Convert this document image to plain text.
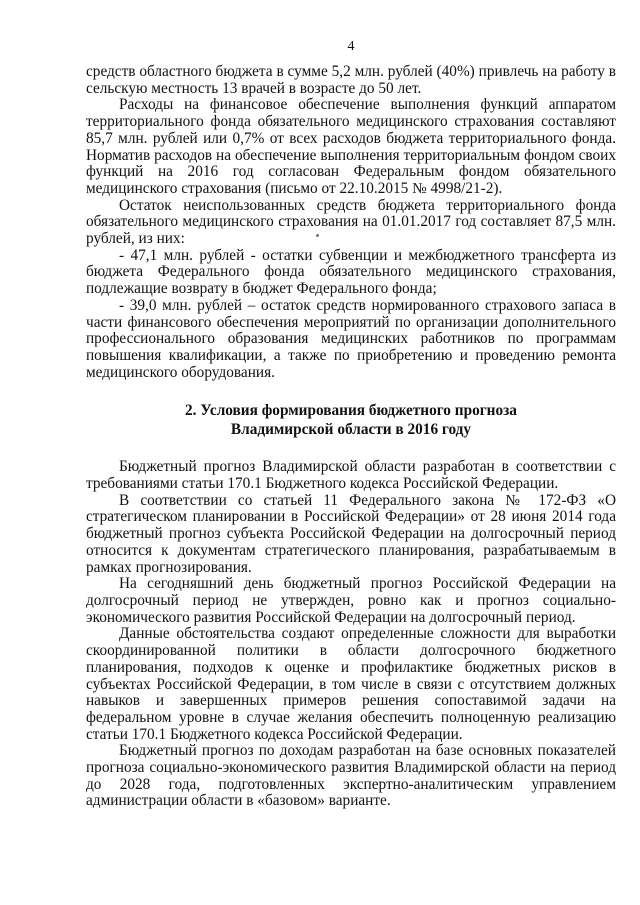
4

средств областного бюджета в сумме 5,2 млн. рублей (40%) привлечь на работу в сельскую местность 13 врачей в возрасте до 50 лет.

Расходы на финансовое обеспечение выполнения функций аппаратом территориального фонда обязательного медицинского страхования составляют 85,7 млн. рублей или 0,7% от всех расходов бюджета территориального фонда. Норматив расходов на обеспечение выполнения территориальным фондом своих функций на 2016 год согласован Федеральным фондом обязательного медицинского страхования (письмо от 22.10.2015 № 4998/21-2).

Остаток неиспользованных средств бюджета территориального фонда обязательного медицинского страхования на 01.01.2017 год составляет 87,5 млн. рублей, из них:

- 47,1 млн. рублей - остатки субвенции и межбюджетного трансферта из бюджета Федерального фонда обязательного медицинского страхования, подлежащие возврату в бюджет Федерального фонда;

- 39,0 млн. рублей – остаток средств нормированного страхового запаса в части финансового обеспечения мероприятий по организации дополнительного профессионального образования медицинских работников по программам повышения квалификации, а также по приобретению и проведению ремонта медицинского оборудования.

2. Условия формирования бюджетного прогноза
Владимирской области в 2016 году

Бюджетный прогноз Владимирской области разработан в соответствии с требованиями статьи 170.1 Бюджетного кодекса Российской Федерации.

В соответствии со статьей 11 Федерального закона № 172-ФЗ «О стратегическом планировании в Российской Федерации» от 28 июня 2014 года бюджетный прогноз субъекта Российской Федерации на долгосрочный период относится к документам стратегического планирования, разрабатываемым в рамках прогнозирования.

На сегодняшний день бюджетный прогноз Российской Федерации на долгосрочный период не утвержден, ровно как и прогноз социально-экономического развития Российской Федерации на долгосрочный период.

Данные обстоятельства создают определенные сложности для выработки скоординированной политики в области долгосрочного бюджетного планирования, подходов к оценке и профилактике бюджетных рисков в субъектах Российской Федерации, в том числе в связи с отсутствием должных навыков и завершенных примеров решения сопоставимой задачи на федеральном уровне в случае желания обеспечить полноценную реализацию статьи 170.1 Бюджетного кодекса Российской Федерации.

Бюджетный прогноз по доходам разработан на базе основных показателей прогноза социально-экономического развития Владимирской области на период до 2028 года, подготовленных экспертно-аналитическим управлением администрации области в «базовом» варианте.
